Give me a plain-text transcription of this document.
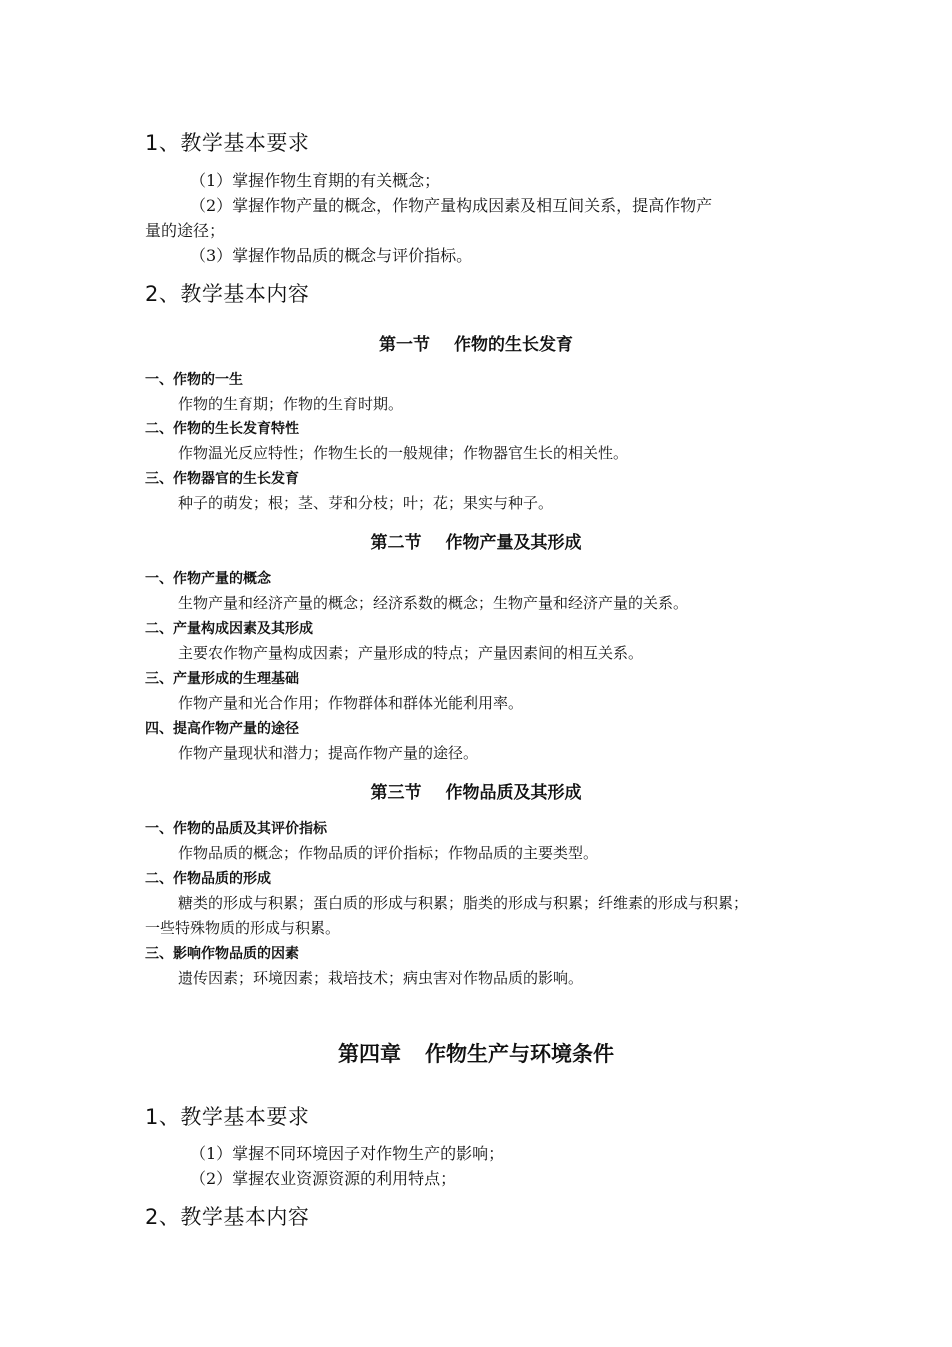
1、教学基本要求
（1）掌握作物生育期的有关概念；
（2）掌握作物产量的概念，作物产量构成因素及相互间关系，提高作物产
量的途径；
（3）掌握作物品质的概念与评价指标。
2、教学基本内容
第一节 作物的生长发育
一、作物的一生
作物的生育期；作物的生育时期。
二、作物的生长发育特性
作物温光反应特性；作物生长的一般规律；作物器官生长的相关性。
三、作物器官的生长发育
种子的萌发；根；茎、芽和分枝；叶；花；果实与种子。
第二节 作物产量及其形成
一、作物产量的概念
生物产量和经济产量的概念；经济系数的概念；生物产量和经济产量的关系。
二、产量构成因素及其形成
主要农作物产量构成因素；产量形成的特点；产量因素间的相互关系。
三、产量形成的生理基础
作物产量和光合作用；作物群体和群体光能利用率。
四、提高作物产量的途径
作物产量现状和潜力；提高作物产量的途径。
第三节 作物品质及其形成
一、作物的品质及其评价指标
作物品质的概念；作物品质的评价指标；作物品质的主要类型。
二、作物品质的形成
糖类的形成与积累；蛋白质的形成与积累；脂类的形成与积累；纤维素的形成与积累；
一些特殊物质的形成与积累。
三、影响作物品质的因素
遗传因素；环境因素；栽培技术；病虫害对作物品质的影响。
第四章 作物生产与环境条件
1、教学基本要求
（1）掌握不同环境因子对作物生产的影响；
（2）掌握农业资源资源的利用特点；
2、教学基本内容
